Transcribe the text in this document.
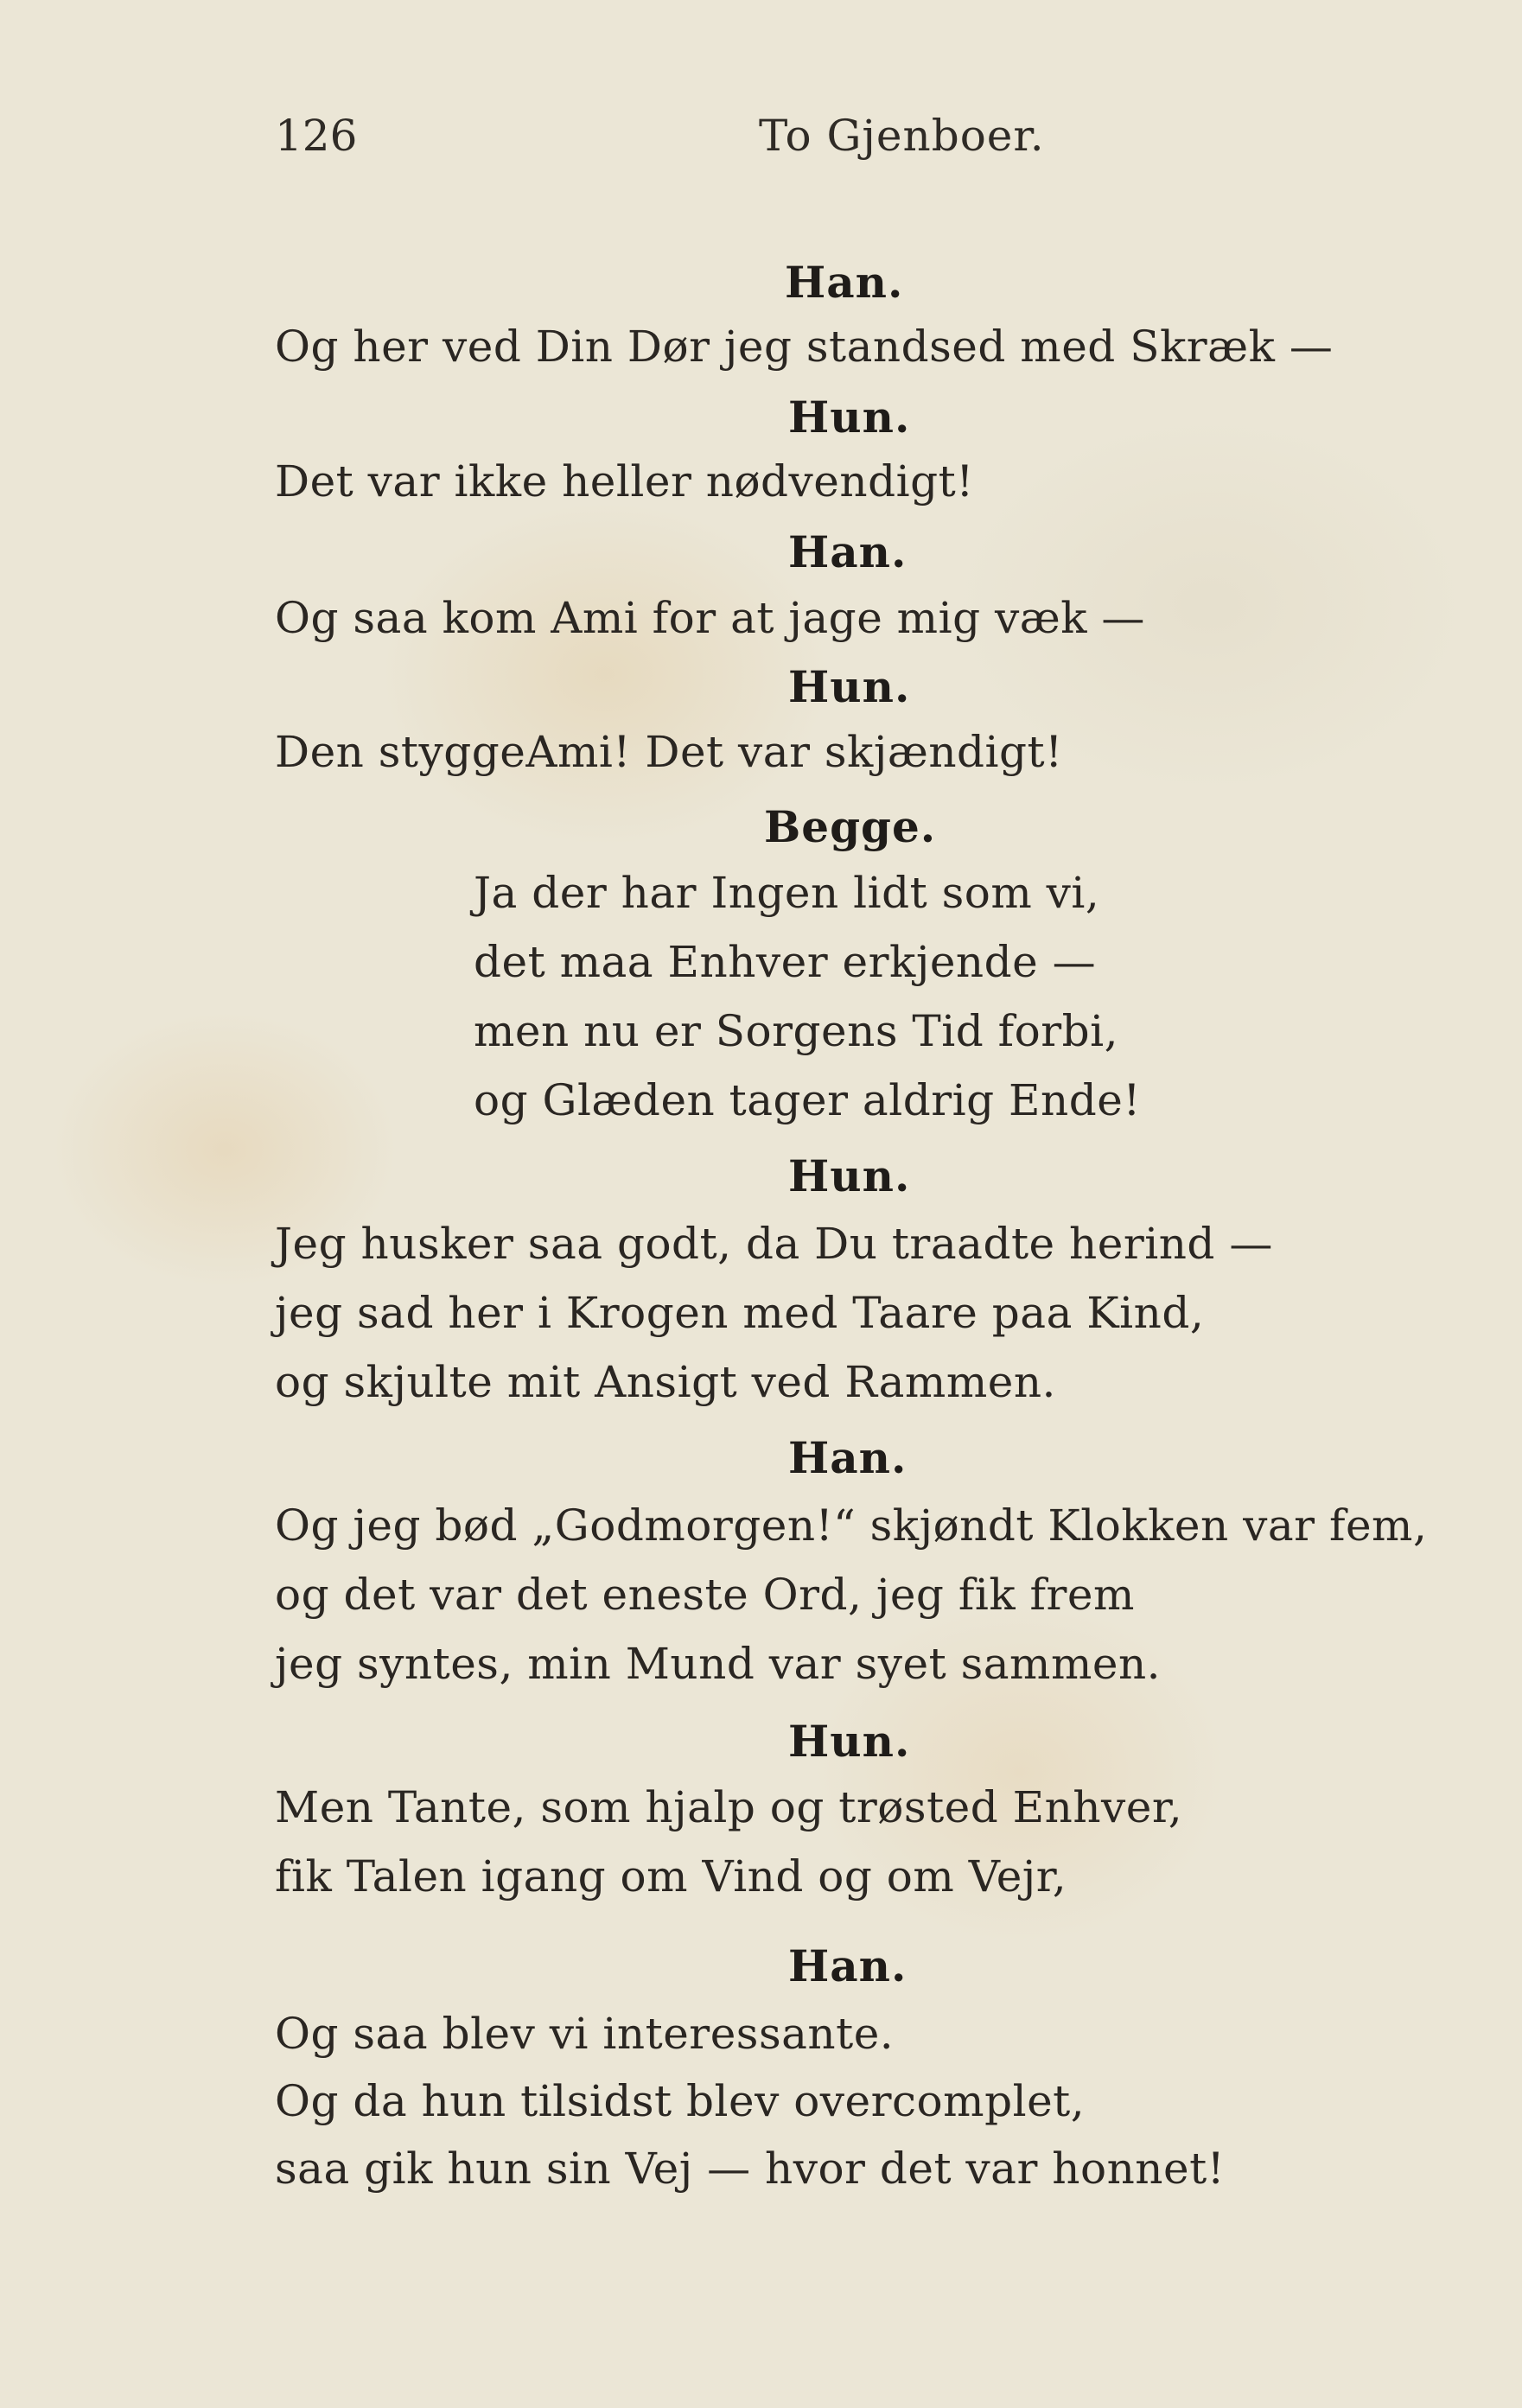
126	To Gjenboer.
Han.
Og her ved Din Dør jeg standsed med Skræk —
Hun.
Det var ikke heller nødvendigt!
Han.
Og saa kom Ami for at jage mig væk —
Hun.
Den styggeAmi! Det var skjændigt!
Begge.
Ja der har Ingen lidt som vi,
det maa Enhver erkjende —
men nu er Sorgens Tid forbi,
og Glæden tager aldrig Ende!
Hun.
Jeg husker saa godt, da Du traadte herind —
jeg sad her i Krogen med Taare paa Kind,
og skjulte mit Ansigt ved Rammen.
Han.
Og jeg bød „Godmorgen!“ skjøndt Klokken var fem,
og det var det eneste Ord, jeg fik frem
jeg syntes, min Mund var syet sammen.
Hun.
Men Tante, som hjalp og trøsted Enhver,
fik Talen igang om Vind og om Vejr,
Han.
Og saa blev vi interessante.
Og da hun tilsidst blev overcomplet,
saa gik hun sin Vej — hvor det var honnet!
